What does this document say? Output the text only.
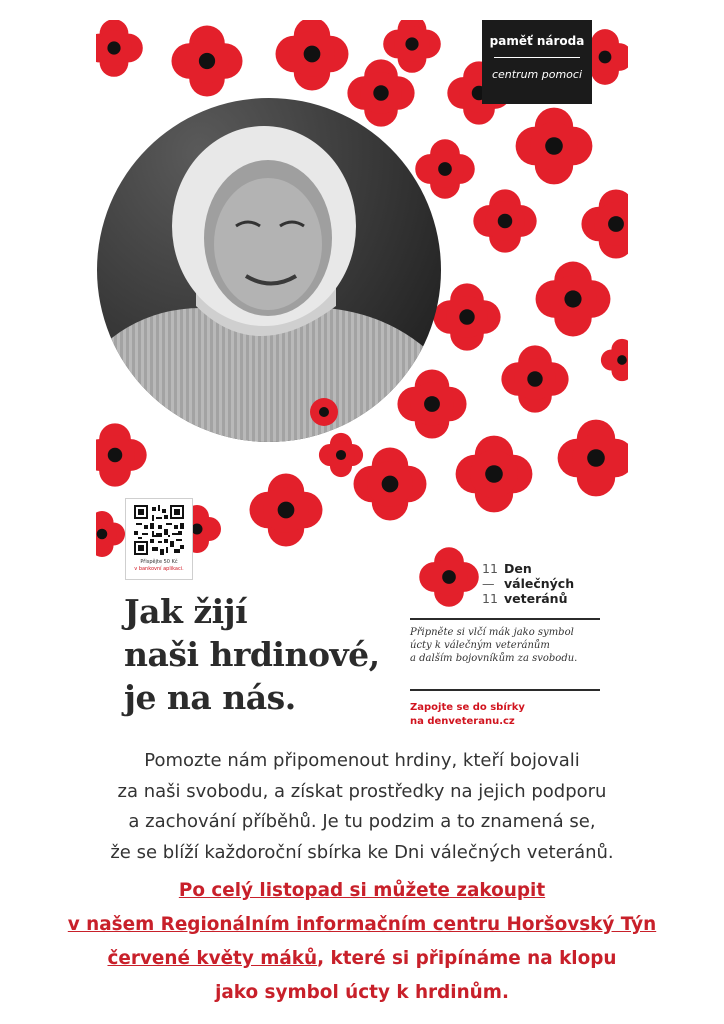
paměť národa
centrum pomoci
Přispějte 50 Kč
v bankovní aplikaci.
Jak žijí
naši hrdinové,
je na nás.
11 Den
— válečných
11 veteránů
Připněte si vlčí mák jako symbol
úcty k válečným veteránům
a dalším bojovníkům za svobodu.
Zapojte se do sbírky
na denveteranu.cz
Pomozte nám připomenout hrdiny, kteří bojovali
za naši svobodu, a získat prostředky na jejich podporu
a zachování příběhů. Je tu podzim a to znamená se,
že se blíží každoroční sbírka ke Dni válečných veteránů.
Po celý listopad si můžete zakoupit
v našem Regionálním informačním centru Horšovský Týn
červené květy máků, které si připínáme na klopu
jako symbol úcty k hrdinům.
